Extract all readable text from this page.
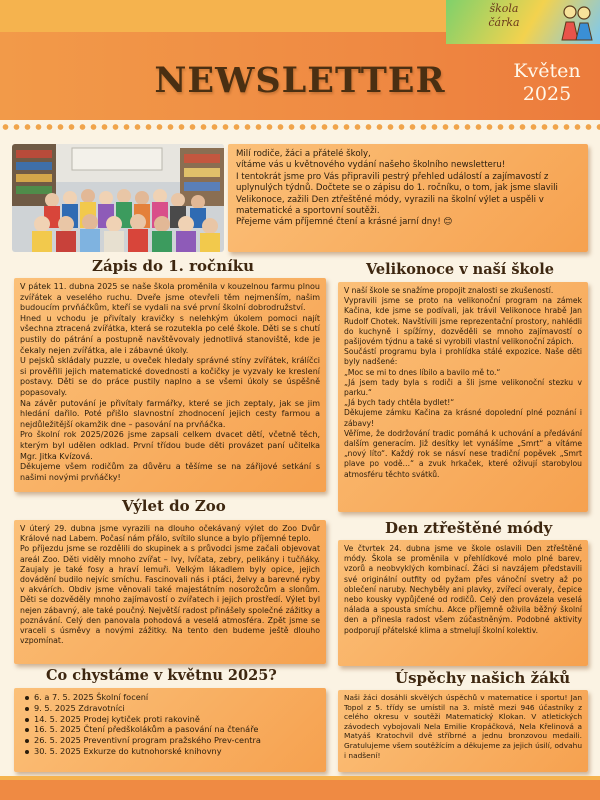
škola
čárka
NEWSLETTER	Květen
2025
Milí rodiče, žáci a přátelé školy,
vítáme vás u květnového vydání našeho školního newsletteru!
I tentokrát jsme pro Vás připravili pestrý přehled událostí a zajímavostí z uplynulých týdnů. Dočtete se o zápisu do 1. ročníku, o tom, jak jsme slavili Velikonoce, zažili Den ztřeštěné módy, vyrazili na školní výlet a uspěli v matematické a sportovní soutěži.
Přejeme vám příjemné čtení a krásné jarní dny! 😊
Zápis do 1. ročníku
V pátek 11. dubna 2025 se naše škola proměnila v kouzelnou farmu plnou zvířátek a veselého ruchu. Dveře jsme otevřeli těm nejmenším, našim budoucím prvňáčkům, kteří se vydali na své první školní dobrodružství.
Hned u vchodu je přivítaly kravičky s nelehkým úkolem pomoci najít všechna ztracená zvířátka, která se rozutekla po celé škole. Děti se s chutí pustily do pátrání a postupně navštěvovaly jednotlivá stanoviště, kde je čekaly nejen zvířátka, ale i zábavné úkoly.
U pejsků skládaly puzzle, u oveček hledaly správné stíny zvířátek, králíčci si prověřili jejich matematické dovednosti a kočičky je vyzvaly ke kreslení postavy. Děti se do práce pustily naplno a se všemi úkoly se úspěšně popasovaly.
Na závěr putování je přivítaly farmářky, které se jich zeptaly, jak se jim hledání dařilo. Poté přišlo slavnostní zhodnocení jejich cesty farmou a nejdůležitější okamžik dne – pasování na prvňáčka.
Pro školní rok 2025/2026 jsme zapsali celkem dvacet dětí, včetně těch, kterým byl udělen odklad. První třídou bude děti provázet paní učitelka Mgr. Jitka Kvízová.
Děkujeme všem rodičům za důvěru a těšíme se na zářijové setkání s našimi novými prvňáčky!
Velikonoce v naší škole
V naší škole se snažíme propojit znalosti se zkušeností.
Vypravili jsme se proto na velikonoční program na zámek Kačina, kde jsme se podívali, jak trávil Velikonoce hrabě Jan Rudolf Chotek. Navštívili jsme reprezentační prostory, nahlédli do kuchyně i spížírny, dozvěděli se mnoho zajímavostí o pašijovém týdnu a také si vyrobili vlastní velikonoční zápich.
Součástí programu byla i prohlídka stálé expozice. Naše děti byly nadšené:
„Moc se mi to dnes líbilo a bavilo mě to.“
„Já jsem tady byla s rodiči a šli jsme velikonoční stezku v parku.“
„Já bych tady chtěla bydlet!“
Děkujeme zámku Kačina za krásné dopolední plné poznání i zábavy!
Věříme, že dodržování tradic pomáhá k uchování a předávání dalším generacím. Již desítky let vynášíme „Smrt“ a vítáme „nový líto“. Každý rok se násví nese tradiční popěvek „Smrt plave po vodě…“ a zvuk hrkaček, které oživují starobylou atmosféru těchto svátků.
Výlet do Zoo
V úterý 29. dubna jsme vyrazili na dlouho očekávaný výlet do Zoo Dvůr Králové nad Labem. Počasí nám přálo, svítilo slunce a bylo příjemné teplo.
Po příjezdu jsme se rozdělili do skupinek a s průvodci jsme začali objevovat areál Zoo. Děti viděly mnoho zvířat – lvy, lvíčata, zebry, pelikány i tučňáky. Zaujaly je také fosy a hraví lemuři. Velkým lákadlem byly opice, jejich dovádění budilo nejvíc smíchu. Fascinovali nás i ptáci, želvy a barevné ryby v akvárích. Obdiv jsme věnovali také majestátním nosorožcům a slonům. Děti se dozvěděly mnoho zajímavostí o zvířatech i jejich prostředí. Výlet byl nejen zábavný, ale také poučný. Největší radost přinášely společné zážitky a poznávání. Celý den panovala pohodová a veselá atmosféra. Zpět jsme se vraceli s úsměvy a novými zážitky. Na tento den budeme ještě dlouho vzpomínat.
Den ztřeštěné módy
Ve čtvrtek 24. dubna jsme ve škole oslavili Den ztřeštěné módy. Škola se proměnila v přehlídkové molo plné barev, vzorů a neobvyklých kombinací. Žáci si navzájem představili své originální outfity od pyžam přes vánoční svetry až po oblečení naruby. Nechyběly ani plavky, zvířecí overaly, čepice nebo kousky vypůjčené od rodičů. Celý den provázela veselá nálada a spousta smíchu. Akce příjemně oživila běžný školní den a přinesla radost všem zúčastněným. Podobné aktivity podporují přátelské klima a stmelují školní kolektiv.
Co chystáme v květnu 2025?
6. a 7. 5. 2025 Školní focení
9. 5. 2025 Zdravotníci
14. 5. 2025 Prodej kytiček proti rakovině
16. 5. 2025 Čtení předškolákům a pasování na čtenáře
26. 5. 2025 Preventivní program pražského Prev-centra
30. 5. 2025 Exkurze do kutnohorské knihovny
Úspěchy našich žáků
Naši žáci dosáhli skvělých úspěchů v matematice i sportu! Jan Topol z 5. třídy se umístil na 3. místě mezi 946 účastníky z celého okresu v soutěži Matematický Klokan. V atletických závodech vybojovali Nela Emilie Kropáčková, Nela Křelinová a Matyáš Kratochvil dvě stříbrné a jednu bronzovou medaili. Gratulujeme všem soutěžícím a děkujeme za jejich úsilí, odvahu i nadšení!
